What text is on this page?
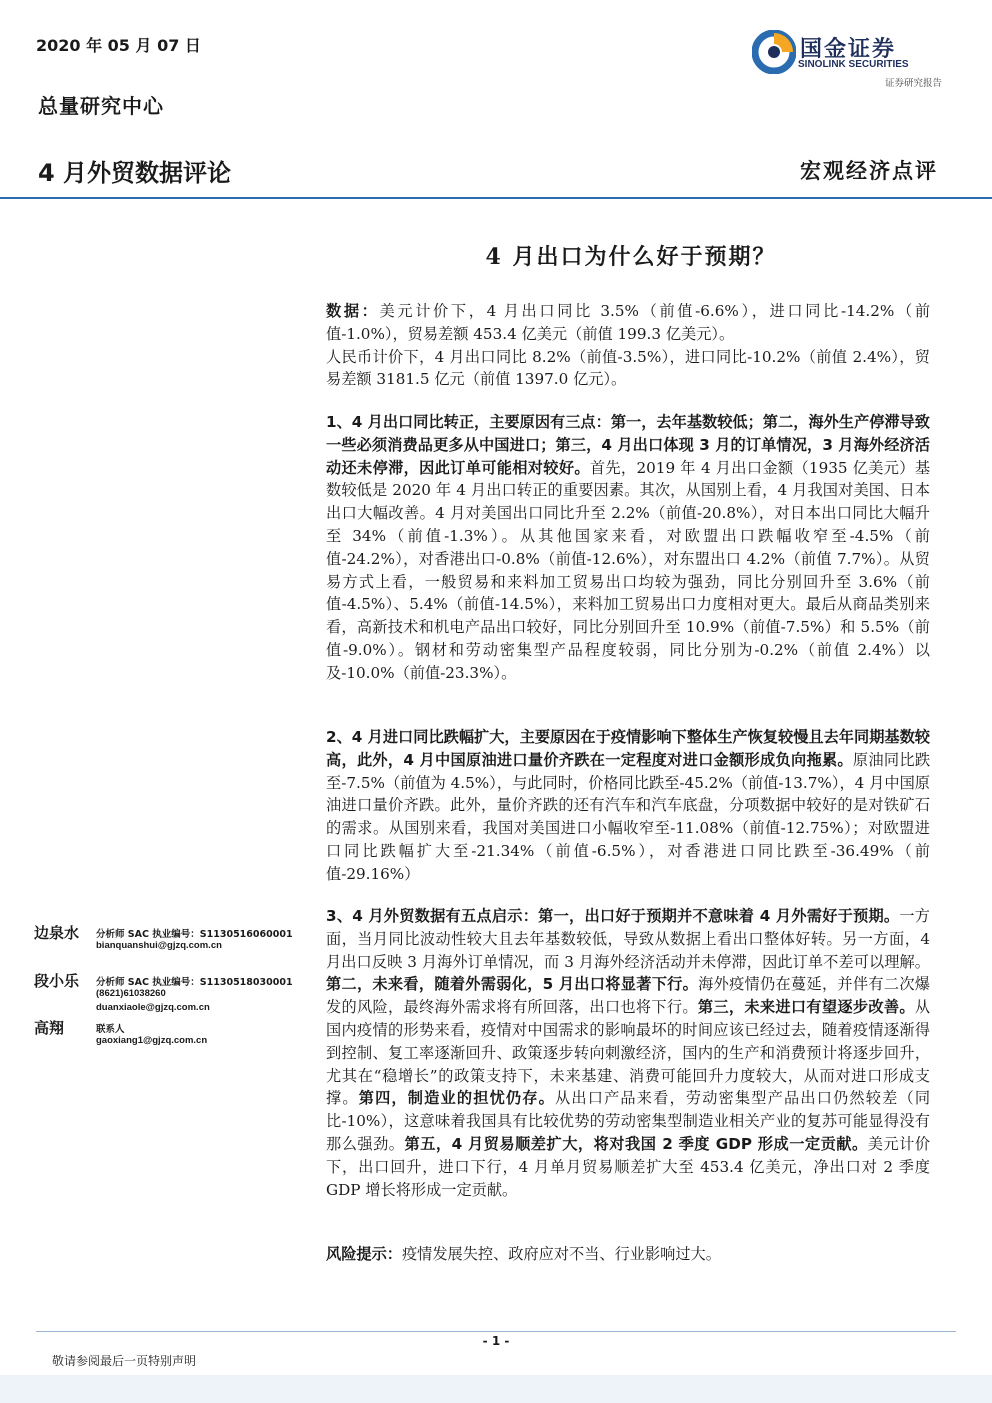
2020 年 05 月 07 日
总量研究中心
4 月外贸数据评论	宏观经济点评
国金证券
SINOLINK SECURITIES
证券研究报告
4 月出口为什么好于预期？

数据：美元计价下，4 月出口同比 3.5%（前值-6.6%），进口同比-14.2%（前值-1.0%），贸易差额 453.4 亿美元（前值 199.3 亿美元）。

人民币计价下，4 月出口同比 8.2%（前值-3.5%），进口同比-10.2%（前值 2.4%），贸易差额 3181.5 亿元（前值 1397.0 亿元）。

1、4 月出口同比转正，主要原因有三点：第一，去年基数较低；第二，海外生产停滞导致一些必须消费品更多从中国进口；第三，4 月出口体现 3 月的订单情况，3 月海外经济活动还未停滞，因此订单可能相对较好。首先，2019 年 4 月出口金额（1935 亿美元）基数较低是 2020 年 4 月出口转正的重要因素。其次，从国别上看，4 月我国对美国、日本出口大幅改善。4 月对美国出口同比升至 2.2%（前值-20.8%），对日本出口同比大幅升至 34%（前值-1.3%）。从其他国家来看，对欧盟出口跌幅收窄至-4.5%（前值-24.2%），对香港出口-0.8%（前值-12.6%），对东盟出口 4.2%（前值 7.7%）。从贸易方式上看，一般贸易和来料加工贸易出口均较为强劲，同比分别回升至 3.6%（前值-4.5%）、5.4%（前值-14.5%），来料加工贸易出口力度相对更大。最后从商品类别来看，高新技术和机电产品出口较好，同比分别回升至 10.9%（前值-7.5%）和 5.5%（前值-9.0%）。钢材和劳动密集型产品程度较弱，同比分别为-0.2%（前值 2.4%）以及-10.0%（前值-23.3%）。

2、4 月进口同比跌幅扩大，主要原因在于疫情影响下整体生产恢复较慢且去年同期基数较高，此外，4 月中国原油进口量价齐跌在一定程度对进口金额形成负向拖累。原油同比跌至-7.5%（前值为 4.5%），与此同时，价格同比跌至-45.2%（前值-13.7%），4 月中国原油进口量价齐跌。此外，量价齐跌的还有汽车和汽车底盘，分项数据中较好的是对铁矿石的需求。从国别来看，我国对美国进口小幅收窄至-11.08%（前值-12.75%）；对欧盟进口同比跌幅扩大至-21.34%（前值-6.5%），对香港进口同比跌至-36.49%（前值-29.16%）

3、4 月外贸数据有五点启示：第一，出口好于预期并不意味着 4 月外需好于预期。一方面，当月同比波动性较大且去年基数较低，导致从数据上看出口整体好转。另一方面，4 月出口反映 3 月海外订单情况，而 3 月海外经济活动并未停滞，因此订单不差可以理解。第二，未来看，随着外需弱化，5 月出口将显著下行。海外疫情仍在蔓延，并伴有二次爆发的风险，最终海外需求将有所回落，出口也将下行。第三，未来进口有望逐步改善。从国内疫情的形势来看，疫情对中国需求的影响最坏的时间应该已经过去，随着疫情逐渐得到控制、复工率逐渐回升、政策逐步转向刺激经济，国内的生产和消费预计将逐步回升，尤其在“稳增长”的政策支持下，未来基建、消费可能回升力度较大，从而对进口形成支撑。第四，制造业的担忧仍存。从出口产品来看，劳动密集型产品出口仍然较差（同比-10%），这意味着我国具有比较优势的劳动密集型制造业相关产业的复苏可能显得没有那么强劲。第五，4 月贸易顺差扩大，将对我国 2 季度 GDP 形成一定贡献。美元计价下，出口回升，进口下行，4 月单月贸易顺差扩大至 453.4 亿美元，净出口对 2 季度 GDP 增长将形成一定贡献。

风险提示：疫情发展失控、政府应对不当、行业影响过大。

边泉水 分析师 SAC 执业编号：S1130516060001
bianquanshui@gjzq.com.cn
段小乐 分析师 SAC 执业编号：S1130518030001
(8621)61038260
duanxiaole@gjzq.com.cn
高翔	联系人
gaoxiang1@gjzq.com.cn
- 1 -
敬请参阅最后一页特别声明
